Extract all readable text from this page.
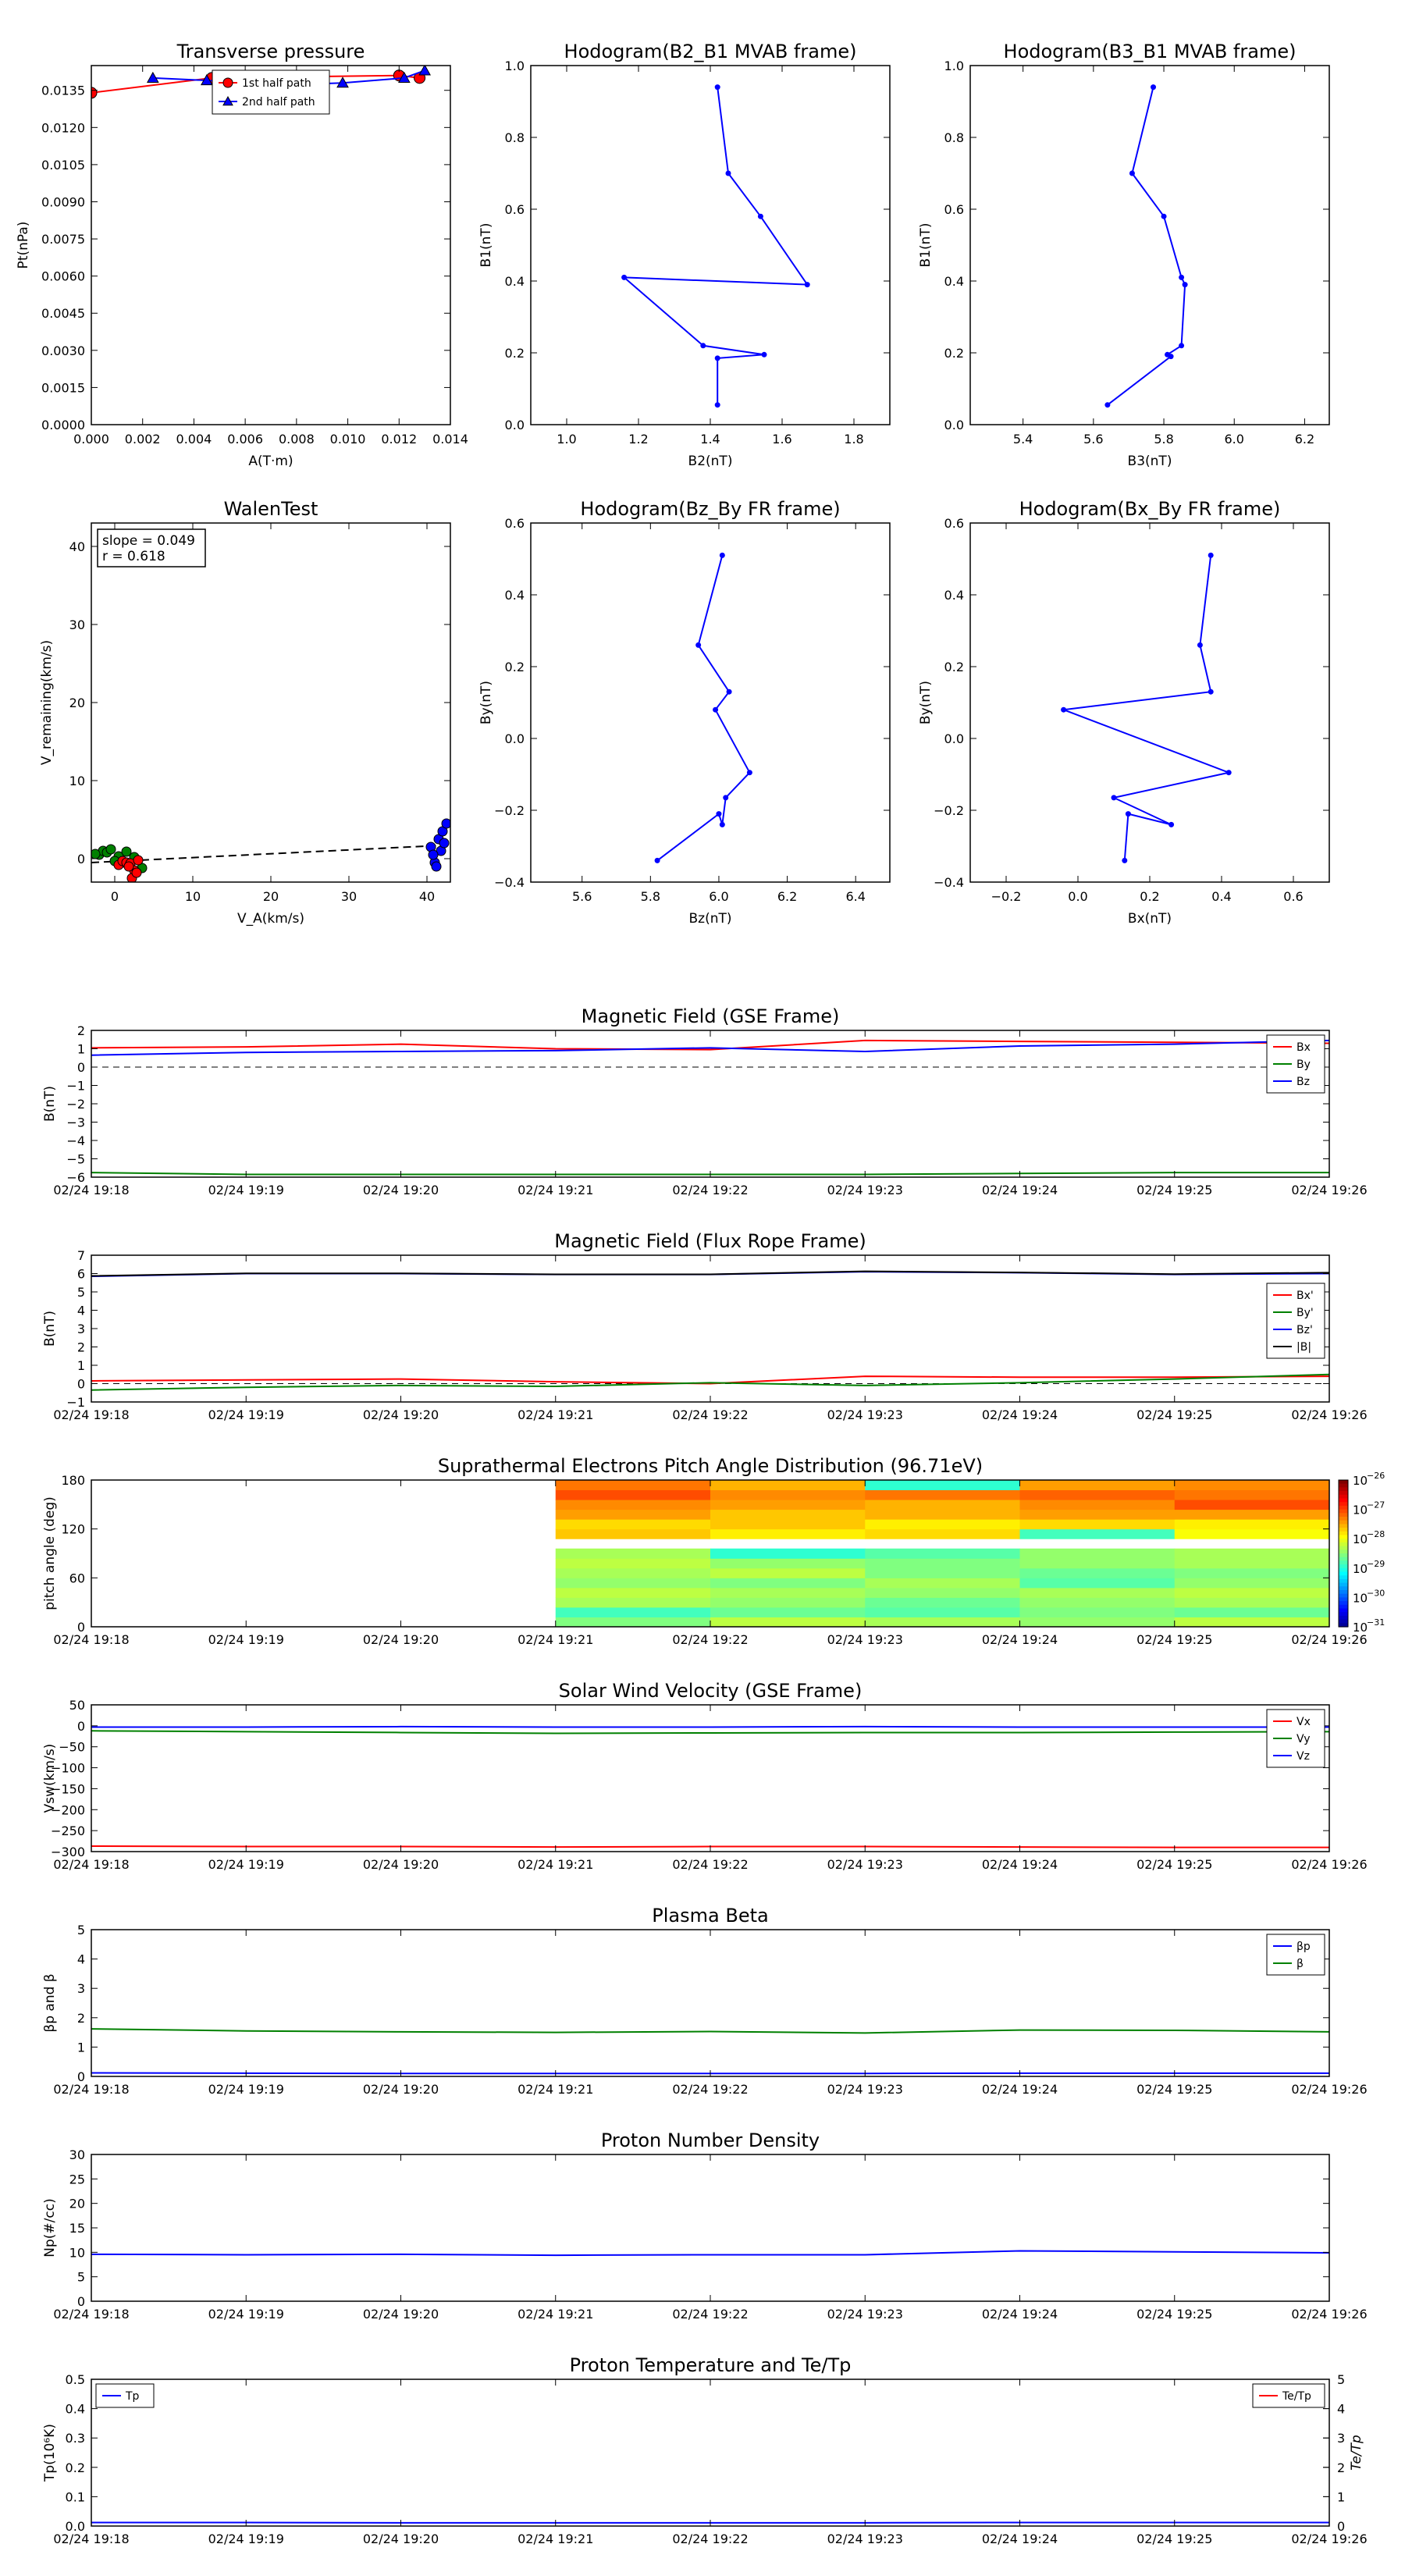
0.000 0.002 0.004 0.006 0.008 0.010 0.012 0.014
0.0000
0.0015
0.0030
0.0045
0.0060
0.0075
0.0090
0.0105
0.0120
0.0135
Transverse pressure
A(T·m)
Pt(nPa)
1st half path
2nd half path
1.0	1.2	1.4	1.6	1.8
0.0
0.2
0.4
0.6
0.8
1.0
Hodogram(B2_B1 MVAB frame)
B2(nT)
B1(nT)
5.4	5.6	5.8	6.0	6.2
0.0
0.2
0.4
0.6
0.8
1.0
Hodogram(B3_B1 MVAB frame)
B3(nT)
B1(nT)
0	10	20	30	40
0
10
20
30
40
WalenTest
V_A(km/s)
V_remaining(km/s)
slope = 0.049
r = 0.618
5.6	5.8	6.0	6.2	6.4
−0.4
−0.2
0.0
0.2
0.4
0.6
Hodogram(Bz_By FR frame)
Bz(nT)
By(nT)
−0.2	0.0	0.2	0.4	0.6
−0.4
−0.2
0.0
0.2
0.4
0.6
Hodogram(Bx_By FR frame)
Bx(nT)
By(nT)
02/24 19:18	02/24 19:19	02/24 19:20	02/24 19:21	02/24 19:22	02/24 19:23	02/24 19:24	02/24 19:25	02/24 19:26
−6
−5
−4
−3
−2
−1
0
1
2
Magnetic Field (GSE Frame)
B(nT)
Bx
By
Bz
02/24 19:18	02/24 19:19	02/24 19:20	02/24 19:21	02/24 19:22	02/24 19:23	02/24 19:24	02/24 19:25	02/24 19:26
−1
0
1
2
3
4
5
6
7
Magnetic Field (Flux Rope Frame)
B(nT)
Bx'
By'
Bz'
|B|
02/24 19:18	02/24 19:19	02/24 19:20	02/24 19:21	02/24 19:22	02/24 19:23	02/24 19:24	02/24 19:25	02/24 19:26
0
60
120
180
Suprathermal Electrons Pitch Angle Distribution (96.71eV)
pitch angle (deg)
10
−26
10
−27
10
−28
10
−29
10
−30
10
−31
02/24 19:18	02/24 19:19	02/24 19:20	02/24 19:21	02/24 19:22	02/24 19:23	02/24 19:24	02/24 19:25	02/24 19:26
−300
−250
−200
−150
−100
−50
0
50
Solar Wind Velocity (GSE Frame)
Vsw(km/s)
Vx
Vy
Vz
02/24 19:18	02/24 19:19	02/24 19:20	02/24 19:21	02/24 19:22	02/24 19:23	02/24 19:24	02/24 19:25	02/24 19:26
0
1
2
3
4
5
Plasma Beta
βp and β
βp
β
02/24 19:18	02/24 19:19	02/24 19:20	02/24 19:21	02/24 19:22	02/24 19:23	02/24 19:24	02/24 19:25	02/24 19:26
0
5
10
15
20
25
30
Proton Number Density
Np(#/cc)
02/24 19:18	02/24 19:19	02/24 19:20	02/24 19:21	02/24 19:22	02/24 19:23	02/24 19:24	02/24 19:25	02/24 19:26
0.0
0.1
0.2
0.3
0.4
0.5
Proton Temperature and Te/Tp
Tp(10⁶K)
0
1
2
3
4
5
Te/Tp
Tp	Te/Tp
